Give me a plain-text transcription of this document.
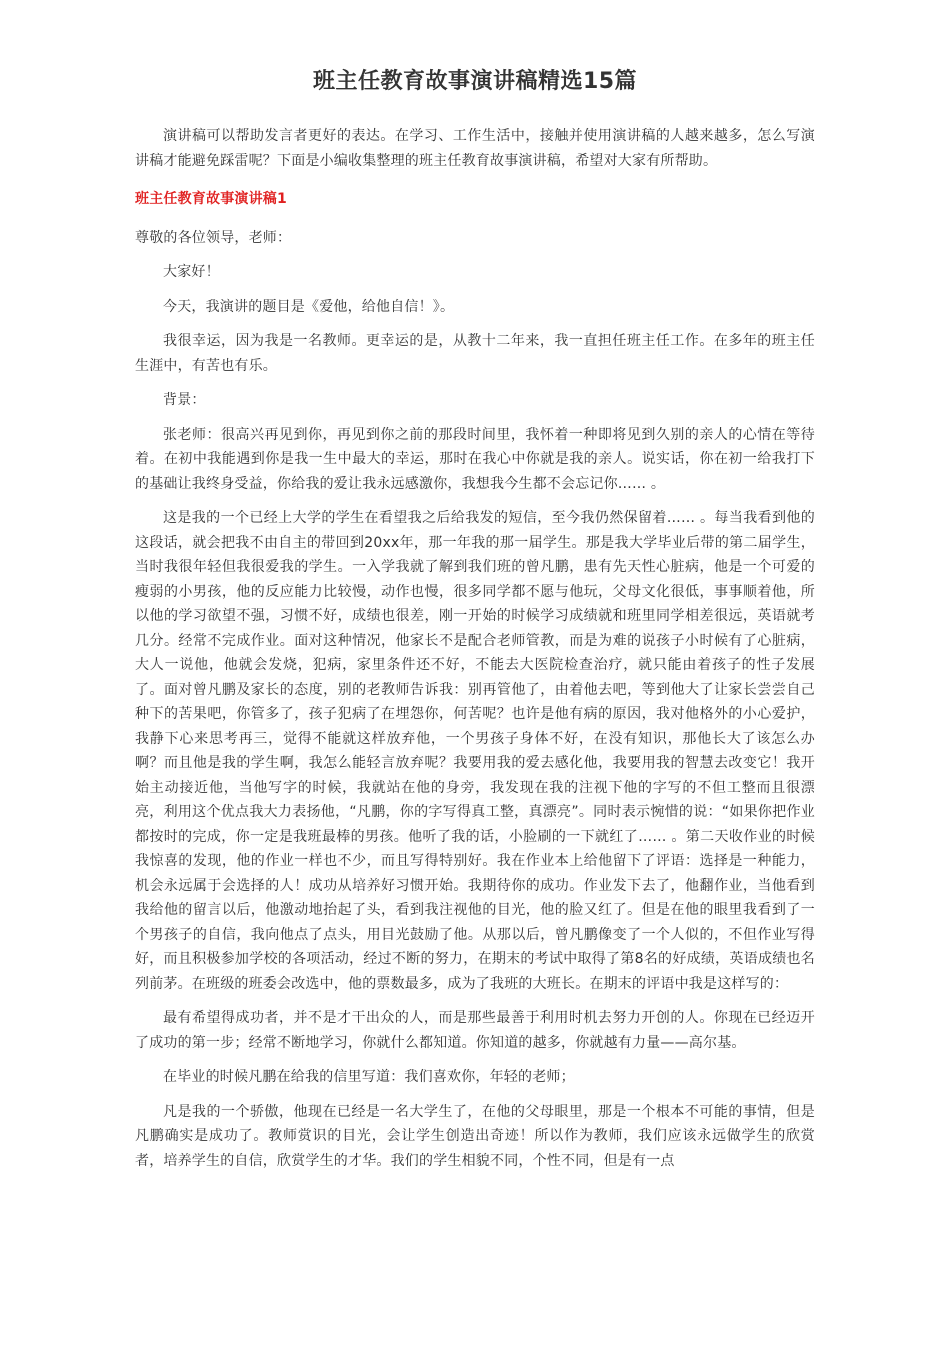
班主任教育故事演讲稿精选15篇

演讲稿可以帮助发言者更好的表达。在学习、工作生活中，接触并使用演讲稿的人越来越多，怎么写演讲稿才能避免踩雷呢？下面是小编收集整理的班主任教育故事演讲稿，希望对大家有所帮助。

班主任教育故事演讲稿1

尊敬的各位领导，老师：

大家好！

今天，我演讲的题目是《爱他，给他自信！》。

我很幸运，因为我是一名教师。更幸运的是，从教十二年来，我一直担任班主任工作。在多年的班主任生涯中，有苦也有乐。

背景：

张老师：很高兴再见到你，再见到你之前的那段时间里，我怀着一种即将见到久别的亲人的心情在等待着。在初中我能遇到你是我一生中最大的幸运，那时在我心中你就是我的亲人。说实话，你在初一给我打下的基础让我终身受益，你给我的爱让我永远感激你，我想我今生都不会忘记你…… 。

这是我的一个已经上大学的学生在看望我之后给我发的短信，至今我仍然保留着…… 。每当我看到他的这段话，就会把我不由自主的带回到20xx年，那一年我的那一届学生。那是我大学毕业后带的第二届学生，当时我很年轻但我很爱我的学生。一入学我就了解到我们班的曾凡鹏，患有先天性心脏病，他是一个可爱的瘦弱的小男孩，他的反应能力比较慢，动作也慢，很多同学都不愿与他玩，父母文化很低，事事顺着他，所以他的学习欲望不强，习惯不好，成绩也很差，刚一开始的时候学习成绩就和班里同学相差很远，英语就考几分。经常不完成作业。面对这种情况，他家长不是配合老师管教，而是为难的说孩子小时候有了心脏病，大人一说他，他就会发烧，犯病，家里条件还不好，不能去大医院检查治疗，就只能由着孩子的性子发展了。面对曾凡鹏及家长的态度，别的老教师告诉我：别再管他了，由着他去吧，等到他大了让家长尝尝自己种下的苦果吧，你管多了，孩子犯病了在埋怨你，何苦呢？也许是他有病的原因，我对他格外的小心爱护，我静下心来思考再三，觉得不能就这样放弃他，一个男孩子身体不好，在没有知识，那他长大了该怎么办啊？而且他是我的学生啊，我怎么能轻言放弃呢？我要用我的爱去感化他，我要用我的智慧去改变它！我开始主动接近他，当他写字的时候，我就站在他的身旁，我发现在我的注视下他的字写的不但工整而且很漂亮，利用这个优点我大力表扬他，“凡鹏，你的字写得真工整，真漂亮”。同时表示惋惜的说：“如果你把作业都按时的完成，你一定是我班最棒的男孩。他听了我的话，小脸刷的一下就红了…… 。第二天收作业的时候我惊喜的发现，他的作业一样也不少，而且写得特别好。我在作业本上给他留下了评语：选择是一种能力，机会永远属于会选择的人！成功从培养好习惯开始。我期待你的成功。作业发下去了，他翻作业，当他看到我给他的留言以后，他激动地抬起了头，看到我注视他的目光，他的脸又红了。但是在他的眼里我看到了一个男孩子的自信，我向他点了点头，用目光鼓励了他。从那以后，曾凡鹏像变了一个人似的，不但作业写得好，而且积极参加学校的各项活动，经过不断的努力，在期末的考试中取得了第8名的好成绩，英语成绩也名列前茅。在班级的班委会改选中，他的票数最多，成为了我班的大班长。在期末的评语中我是这样写的：

最有希望得成功者，并不是才干出众的人，而是那些最善于利用时机去努力开创的人。你现在已经迈开了成功的第一步；经常不断地学习，你就什么都知道。你知道的越多，你就越有力量——高尔基。

在毕业的时候凡鹏在给我的信里写道：我们喜欢你，年轻的老师；

凡是我的一个骄傲，他现在已经是一名大学生了，在他的父母眼里，那是一个根本不可能的事情，但是凡鹏确实是成功了。教师赏识的目光，会让学生创造出奇迹！所以作为教师，我们应该永远做学生的欣赏者，培养学生的自信，欣赏学生的才华。我们的学生相貌不同，个性不同，但是有一点
